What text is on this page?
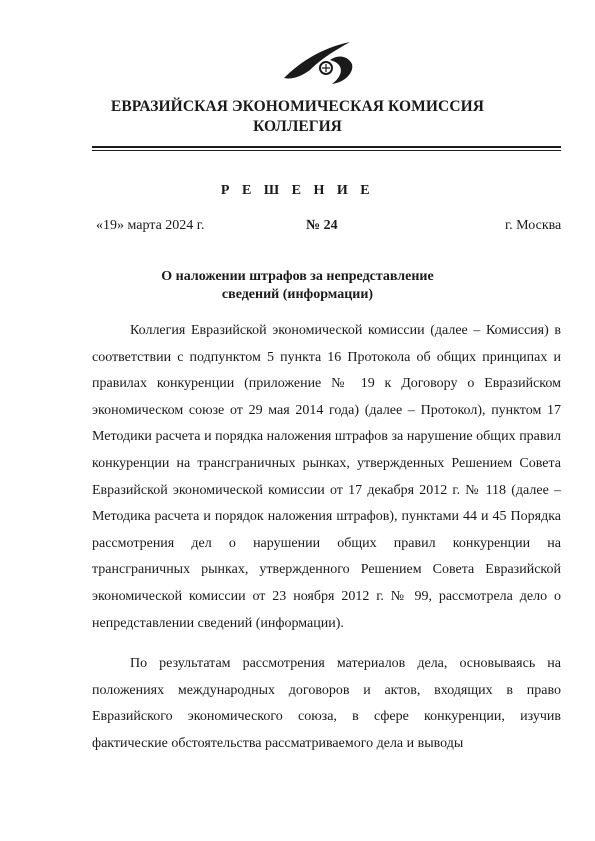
ЕВРАЗИЙСКАЯ ЭКОНОМИЧЕСКАЯ КОМИССИЯ
КОЛЛЕГИЯ
Р Е Ш Е Н И Е
«19» марта 2024 г.	№ 24	г. Москва
О наложении штрафов за непредставление
сведений (информации)

Коллегия Евразийской экономической комиссии (далее – Комиссия) в соответствии с подпунктом 5 пункта 16 Протокола об общих принципах и правилах конкуренции (приложение № 19 к Договору о Евразийском экономическом союзе от 29 мая 2014 года) (далее – Протокол), пунктом 17 Методики расчета и порядка наложения штрафов за нарушение общих правил конкуренции на трансграничных рынках, утвержденных Решением Совета Евразийской экономической комиссии от 17 декабря 2012 г. № 118 (далее – Методика расчета и порядок наложения штрафов), пунктами 44 и 45 Порядка рассмотрения дел о нарушении общих правил конкуренции на трансграничных рынках, утвержденного Решением Совета Евразийской экономической комиссии от 23 ноября 2012 г. № 99, рассмотрела дело о непредставлении сведений (информации).

По результатам рассмотрения материалов дела, основываясь на положениях международных договоров и актов, входящих в право Евразийского экономического союза, в сфере конкуренции, изучив фактические обстоятельства рассматриваемого дела и выводы
